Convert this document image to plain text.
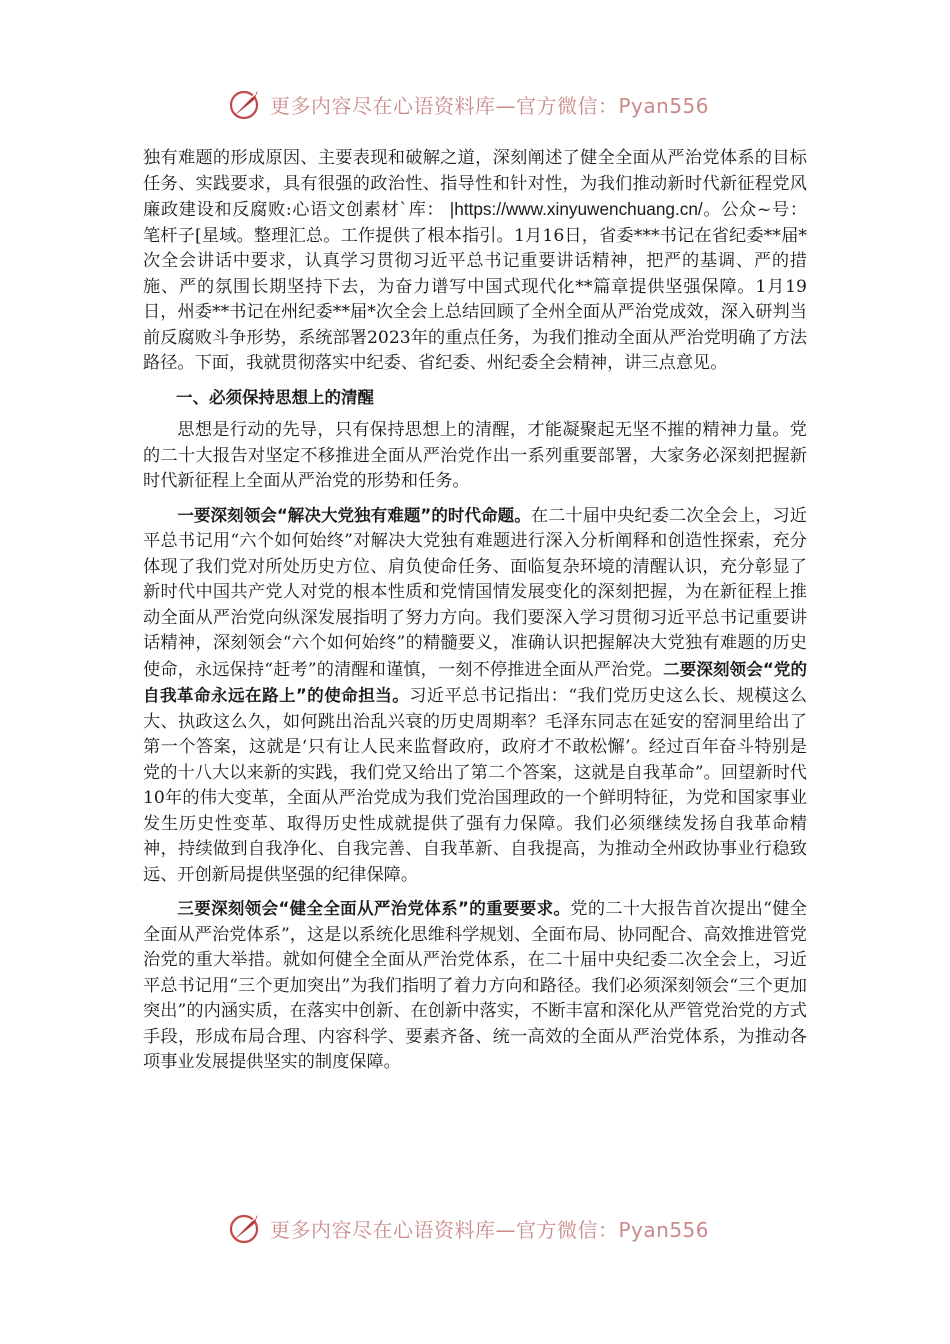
更多内容尽在心语资料库—官方微信：Pyan556

独有难题的形成原因、主要表现和破解之道，深刻阐述了健全全面从严治党体系的目标任务、实践要求，具有很强的政治性、指导性和针对性，为我们推动新时代新征程党风廉政建设和反腐败:心语文创素材`库： |https://www.xinyuwenchuang.cn/。公众~号：笔杆子[星域。整理汇总。工作提供了根本指引。1月16日，省委***书记在省纪委**届*次全会讲话中要求，认真学习贯彻习近平总书记重要讲话精神，把严的基调、严的措施、严的氛围长期坚持下去，为奋力谱写中国式现代化**篇章提供坚强保障。1月19日，州委**书记在州纪委**届*次全会上总结回顾了全州全面从严治党成效，深入研判当前反腐败斗争形势，系统部署2023年的重点任务，为我们推动全面从严治党明确了方法路径。下面，我就贯彻落实中纪委、省纪委、州纪委全会精神，讲三点意见。

一、必须保持思想上的清醒

思想是行动的先导，只有保持思想上的清醒，才能凝聚起无坚不摧的精神力量。党的二十大报告对坚定不移推进全面从严治党作出一系列重要部署，大家务必深刻把握新时代新征程上全面从严治党的形势和任务。

一要深刻领会“解决大党独有难题”的时代命题。在二十届中央纪委二次全会上，习近平总书记用“六个如何始终”对解决大党独有难题进行深入分析阐释和创造性探索，充分体现了我们党对所处历史方位、肩负使命任务、面临复杂环境的清醒认识，充分彰显了新时代中国共产党人对党的根本性质和党情国情发展变化的深刻把握，为在新征程上推动全面从严治党向纵深发展指明了努力方向。我们要深入学习贯彻习近平总书记重要讲话精神，深刻领会“六个如何始终”的精髓要义，准确认识把握解决大党独有难题的历史使命，永远保持“赶考”的清醒和谨慎，一刻不停推进全面从严治党。二要深刻领会“党的自我革命永远在路上”的使命担当。习近平总书记指出：“我们党历史这么长、规模这么大、执政这么久，如何跳出治乱兴衰的历史周期率？毛泽东同志在延安的窑洞里给出了第一个答案，这就是‘只有让人民来监督政府，政府才不敢松懈’。经过百年奋斗特别是党的十八大以来新的实践，我们党又给出了第二个答案，这就是自我革命”。回望新时代10年的伟大变革，全面从严治党成为我们党治国理政的一个鲜明特征，为党和国家事业发生历史性变革、取得历史性成就提供了强有力保障。我们必须继续发扬自我革命精神，持续做到自我净化、自我完善、自我革新、自我提高，为推动全州政协事业行稳致远、开创新局提供坚强的纪律保障。

三要深刻领会“健全全面从严治党体系”的重要要求。党的二十大报告首次提出“健全全面从严治党体系”，这是以系统化思维科学规划、全面布局、协同配合、高效推进管党治党的重大举措。就如何健全全面从严治党体系，在二十届中央纪委二次全会上，习近平总书记用“三个更加突出”为我们指明了着力方向和路径。我们必须深刻领会“三个更加突出”的内涵实质，在落实中创新、在创新中落实，不断丰富和深化从严管党治党的方式手段，形成布局合理、内容科学、要素齐备、统一高效的全面从严治党体系，为推动各项事业发展提供坚实的制度保障。

更多内容尽在心语资料库—官方微信：Pyan556
